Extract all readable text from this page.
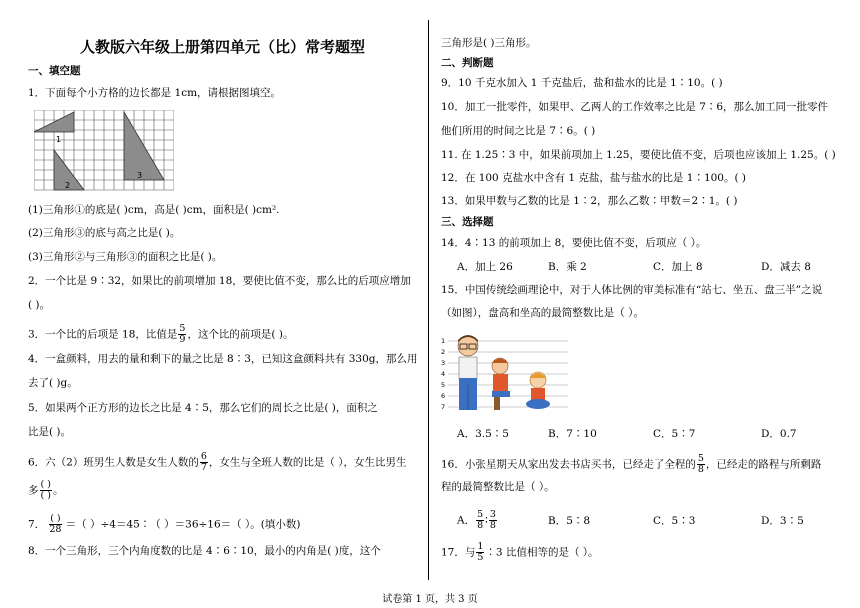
人教版六年级上册第四单元（比）常考题型
一、填空题
1．下面每个小方格的边长都是 1cm，请根据图填空。
1
2
3
(1)三角形①的底是( )cm，高是( )cm，面积是( )cm².
(2)三角形③的底与高之比是( )。
(3)三角形②与三角形③的面积之比是( )。
2．一个比是 9∶32，如果比的前项增加 18，要使比值不变，那么比的后项应增加
( )。
3．一个比的后项是 18，比值是 $\frac{5}{9}$ ，这个比的前项是( )。
4．一盒颜料，用去的量和剩下的量之比是 8∶3，已知这盒颜料共有 330g，那么用
去了( )g。
5．如果两个正方形的边长之比是 4∶5，那么它们的周长之比是( )，面积之
比是( )。
6．六（2）班男生人数是女生人数的 $\frac{6}{7}$ ，女生与全班人数的比是（ ），女生比男生
多 $\frac{( )}{( )}$ 。
7． $\frac{( )}{28}$ ＝（ ）÷4＝45∶（ ）＝36÷16＝（ ）。(填小数)
8．一个三角形，三个内角度数的比是 4∶6∶10，最小的内角是( )度，这个
三角形是( )三角形。
二、判断题
9．10 千克水加入 1 千克盐后，盐和盐水的比是 1∶10。( )
10．加工一批零件，如果甲、乙两人的工作效率之比是 7∶6，那么加工同一批零件
他们所用的时间之比是 7∶6。( )
11. 在 1.25∶3 中，如果前项加上 1.25，要使比值不变，后项也应该加上 1.25。( )
12．在 100 克盐水中含有 1 克盐，盐与盐水的比是 1∶100。( )
13．如果甲数与乙数的比是 1∶2，那么乙数∶甲数＝2∶1。( )
三、选择题
14．4∶13 的前项加上 8，要使比值不变，后项应（ ）。
A．加上 26	B．乘 2	C．加上 8	D．减去 8
15．中国传统绘画理论中，对于人体比例的审美标准有“站七、坐五、盘三半”之说
（如图），盘高和坐高的最简整数比是（ ）。
1
2
3
4
5
6
7
A．3.5∶5	B．7∶10	C．5∶7	D．0.7
16．小张星期天从家出发去书店买书，已经走了全程的 $\frac{5}{8}$ ，已经走的路程与所剩路
程的最简整数比是（ ）。
A． $\frac{5}{8}$ ∶ $\frac{3}{8}$	B．5∶8	C．5∶3	D．3∶5
17．与 $\frac{1}{5}$ ∶3 比值相等的是（ ）。
试卷第 1 页，共 3 页
